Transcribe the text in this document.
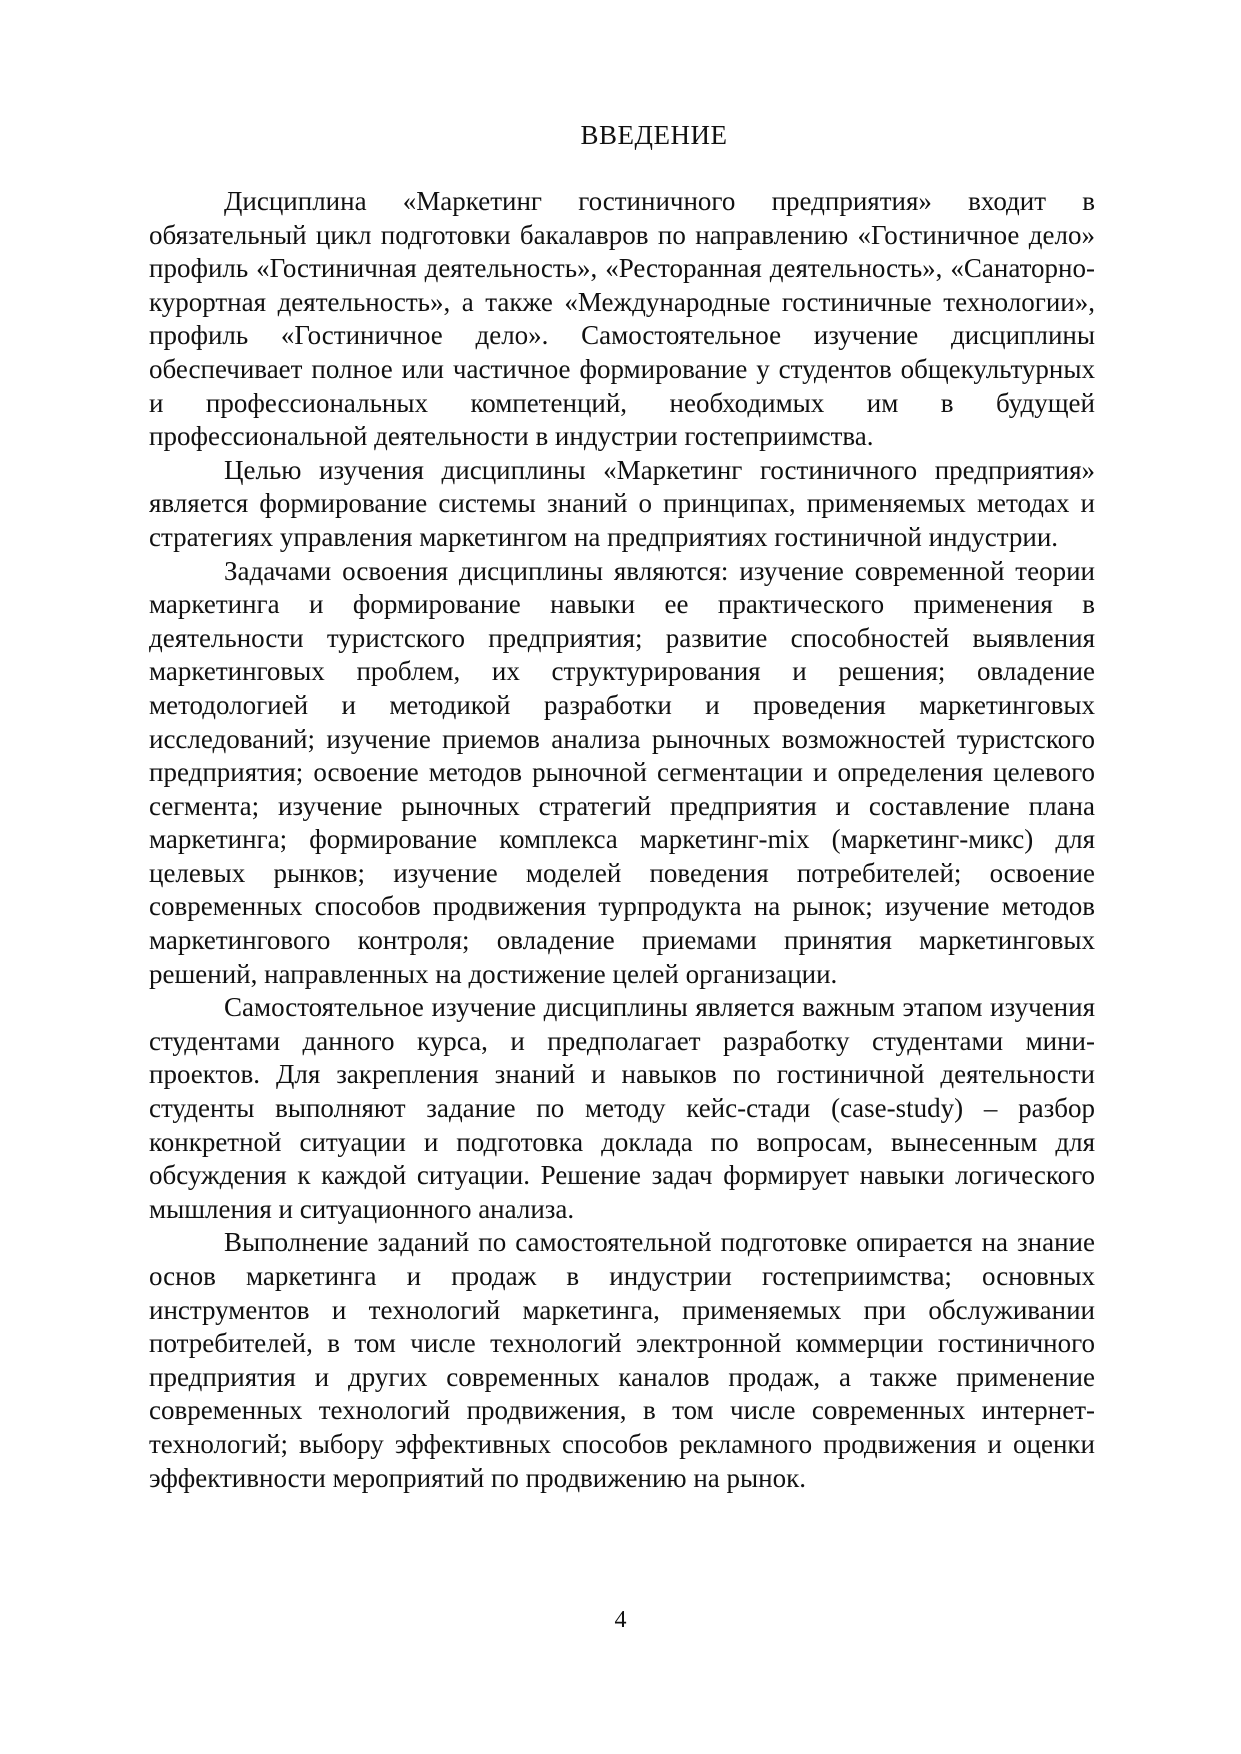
ВВЕДЕНИЕ

Дисциплина «Маркетинг гостиничного предприятия» входит в обязательный цикл подготовки бакалавров по направлению «Гостиничное дело» профиль «Гостиничная деятельность», «Ресторанная деятельность», «Санаторно-курортная деятельность», а также «Международные гостиничные технологии», профиль «Гостиничное дело». Самостоятельное изучение дисциплины обеспечивает полное или частичное формирование у студентов общекультурных и профессиональных компетенций, необходимых им в будущей профессиональной деятельности в индустрии гостеприимства.

Целью изучения дисциплины «Маркетинг гостиничного предприятия» является формирование системы знаний о принципах, применяемых методах и стратегиях управления маркетингом на предприятиях гостиничной индустрии.

Задачами освоения дисциплины являются: изучение современной теории маркетинга и формирование навыки ее практического применения в деятельности туристского предприятия; развитие способностей выявления маркетинговых проблем, их структурирования и решения; овладение методологией и методикой разработки и проведения маркетинговых исследований; изучение приемов анализа рыночных возможностей туристского предприятия; освоение методов рыночной сегментации и определения целевого сегмента; изучение рыночных стратегий предприятия и составление плана маркетинга; формирование комплекса маркетинг-mix (маркетинг-микс) для целевых рынков; изучение моделей поведения потребителей; освоение современных способов продвижения турпродукта на рынок; изучение методов маркетингового контроля; овладение приемами принятия маркетинговых решений, направленных на достижение целей организации.

Самостоятельное изучение дисциплины является важным этапом изучения студентами данного курса, и предполагает разработку студентами мини-проектов. Для закрепления знаний и навыков по гостиничной деятельности студенты выполняют задание по методу кейс-стади (case-study) – разбор конкретной ситуации и подготовка доклада по вопросам, вынесенным для обсуждения к каждой ситуации. Решение задач формирует навыки логического мышления и ситуационного анализа.

Выполнение заданий по самостоятельной подготовке опирается на знание основ маркетинга и продаж в индустрии гостеприимства; основных инструментов и технологий маркетинга, применяемых при обслуживании потребителей, в том числе технологий электронной коммерции гостиничного предприятия и других современных каналов продаж, а также применение современных технологий продвижения, в том числе современных интернет-технологий; выбору эффективных способов рекламного продвижения и оценки эффективности мероприятий по продвижению на рынок.

4
